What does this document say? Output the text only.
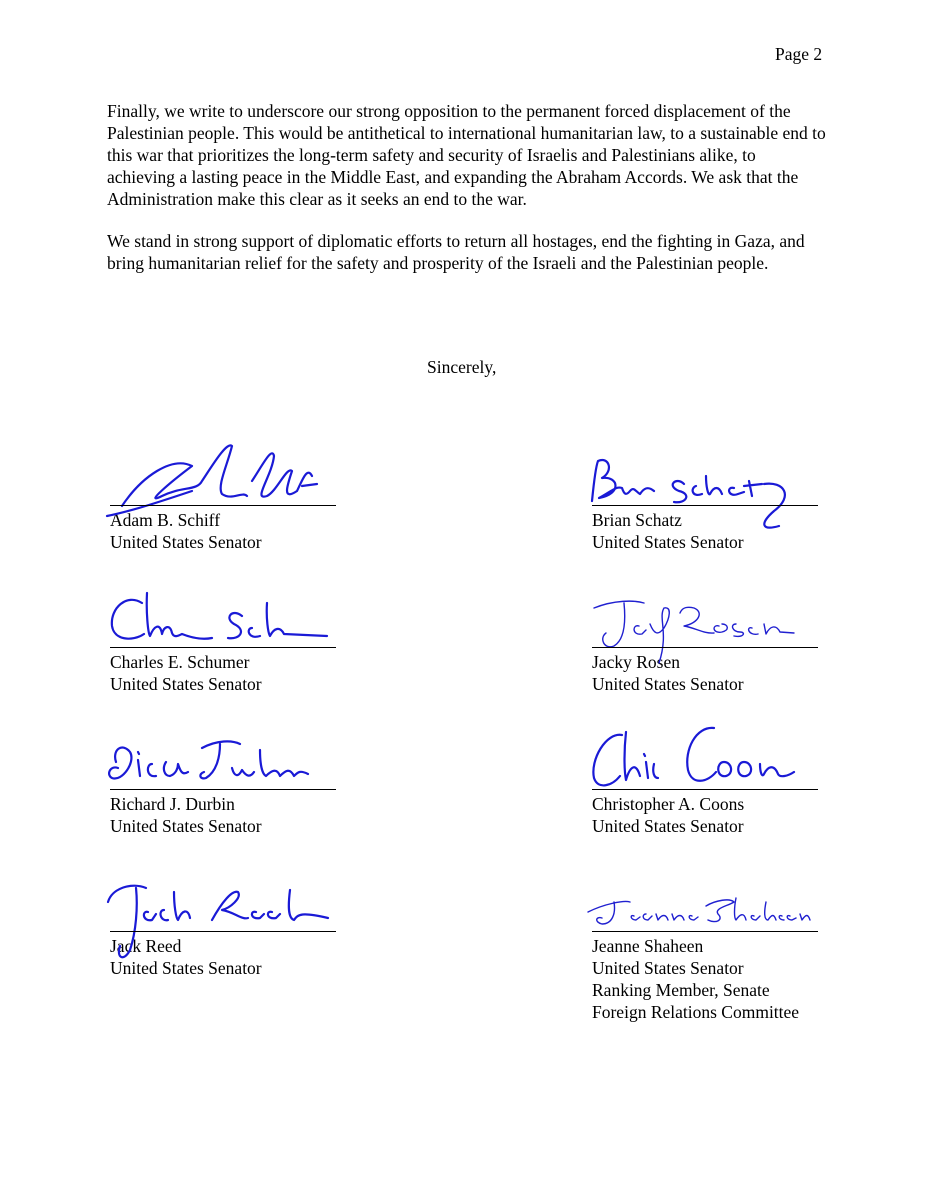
Page 2

Finally, we write to underscore our strong opposition to the permanent forced displacement of the Palestinian people. This would be antithetical to international humanitarian law, to a sustainable end to this war that prioritizes the long-term safety and security of Israelis and Palestinians alike, to achieving a lasting peace in the Middle East, and expanding the Abraham Accords. We ask that the Administration make this clear as it seeks an end to the war.

We stand in strong support of diplomatic efforts to return all hostages, end the fighting in Gaza, and bring humanitarian relief for the safety and prosperity of the Israeli and the Palestinian people.

Sincerely,
Adam B. Schiff
United States Senator
Brian Schatz
United States Senator
Charles E. Schumer
United States Senator
Jacky Rosen
United States Senator
Richard J. Durbin
United States Senator
Christopher A. Coons
United States Senator
Jack Reed
United States Senator
Jeanne Shaheen
United States Senator
Ranking Member, Senate
Foreign Relations Committee
